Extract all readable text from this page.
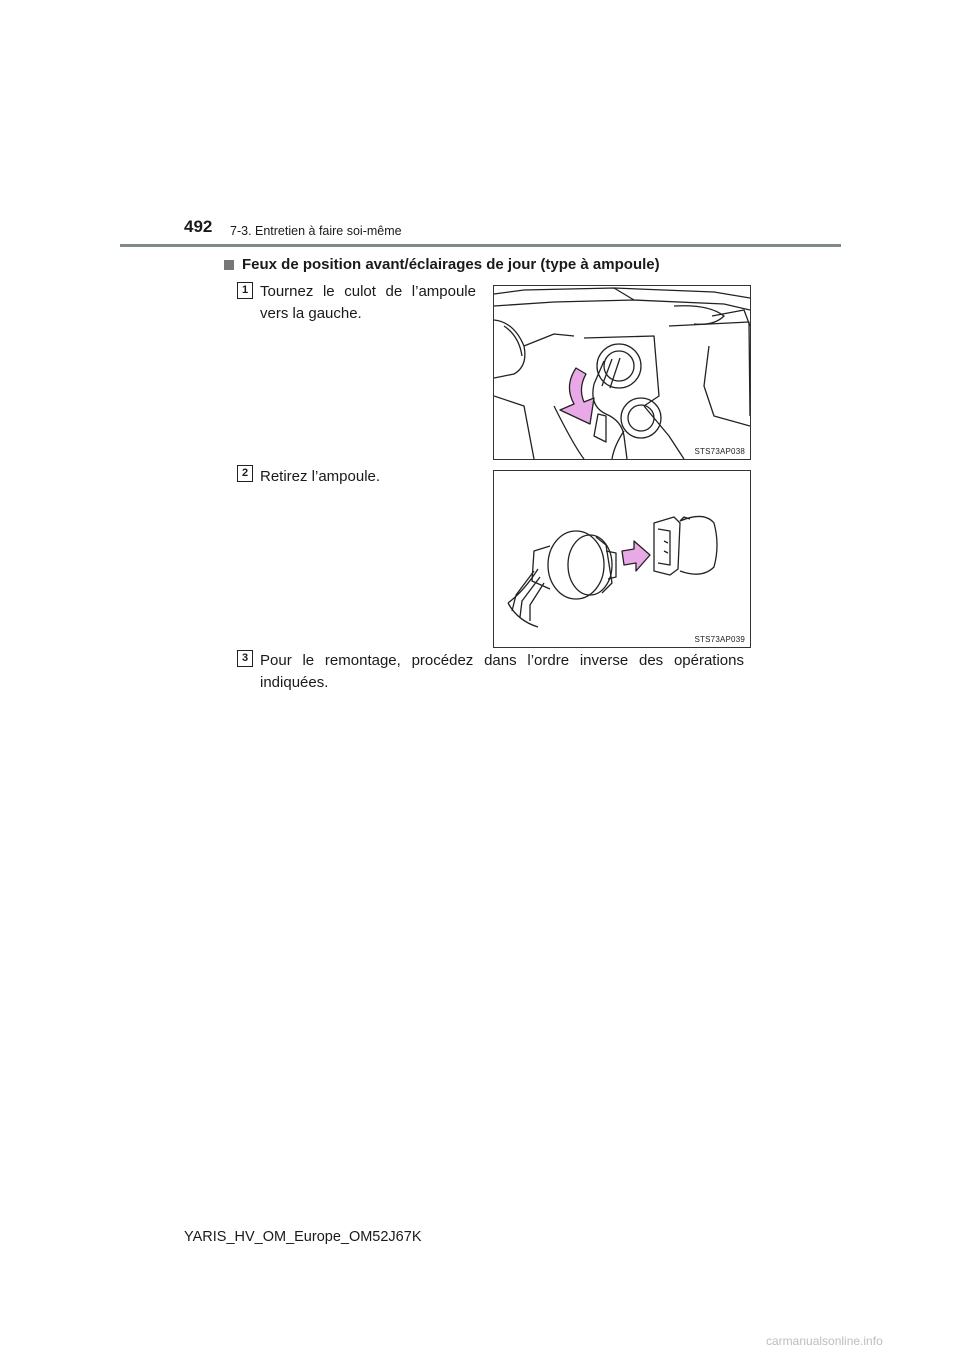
492 7-3. Entretien à faire soi-même
Feux de position avant/éclairages de jour (type à ampoule)
1 Tournez le culot de l’ampoule
vers la gauche.
STS73AP038
2 Retirez l’ampoule.
STS73AP039
3 Pour le remontage, procédez dans l’ordre inverse des opérations
indiquées.
YARIS_HV_OM_Europe_OM52J67K
carmanualsonline.info
